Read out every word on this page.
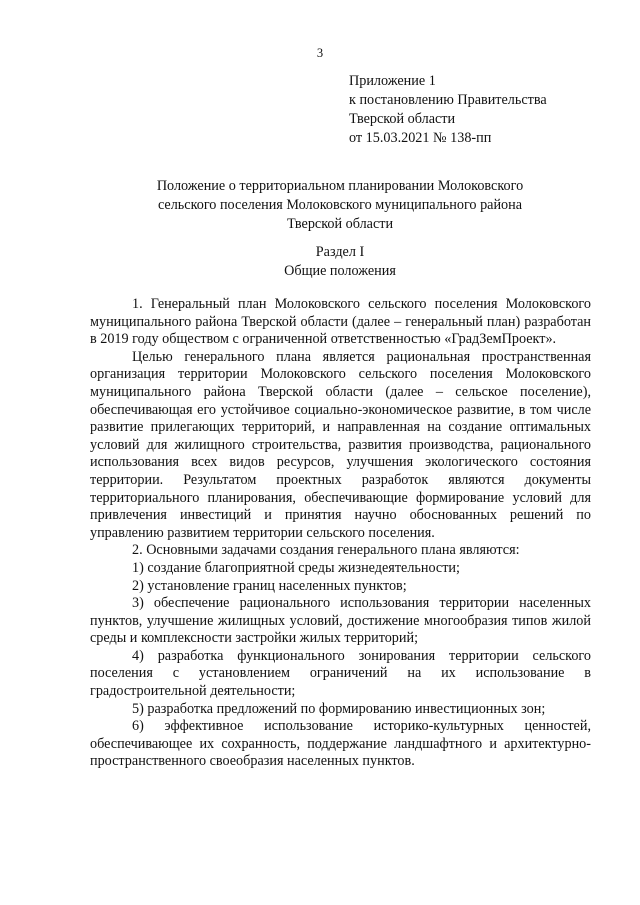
3
Приложение 1
к постановлению Правительства
Тверской области
от 15.03.2021 № 138-пп
Положение о территориальном планировании Молоковского
сельского поселения Молоковского муниципального района
Тверской области
Раздел I
Общие положения

1. Генеральный план Молоковского сельского поселения Молоковского муниципального района Тверской области (далее – генеральный план) разработан в 2019 году обществом с ограниченной ответственностью «ГрадЗемПроект».

Целью генерального плана является рациональная пространственная организация территории Молоковского сельского поселения Молоковского муниципального района Тверской области (далее – сельское поселение), обеспечивающая его устойчивое социально-экономическое развитие, в том числе развитие прилегающих территорий, и направленная на создание оптимальных условий для жилищного строительства, развития производства, рационального использования всех видов ресурсов, улучшения экологического состояния территории. Результатом проектных разработок являются документы территориального планирования, обеспечивающие формирование условий для привлечения инвестиций и принятия научно обоснованных решений по управлению развитием территории сельского поселения.

2. Основными задачами создания генерального плана являются:

1) создание благоприятной среды жизнедеятельности;

2) установление границ населенных пунктов;

3) обеспечение рационального использования территории населенных пунктов, улучшение жилищных условий, достижение многообразия типов жилой среды и комплексности застройки жилых территорий;

4) разработка функционального зонирования территории сельского поселения с установлением ограничений на их использование в градостроительной деятельности;

5) разработка предложений по формированию инвестиционных зон;

6) эффективное использование историко-культурных ценностей, обеспечивающее их сохранность, поддержание ландшафтного и архитектурно-пространственного своеобразия населенных пунктов.
